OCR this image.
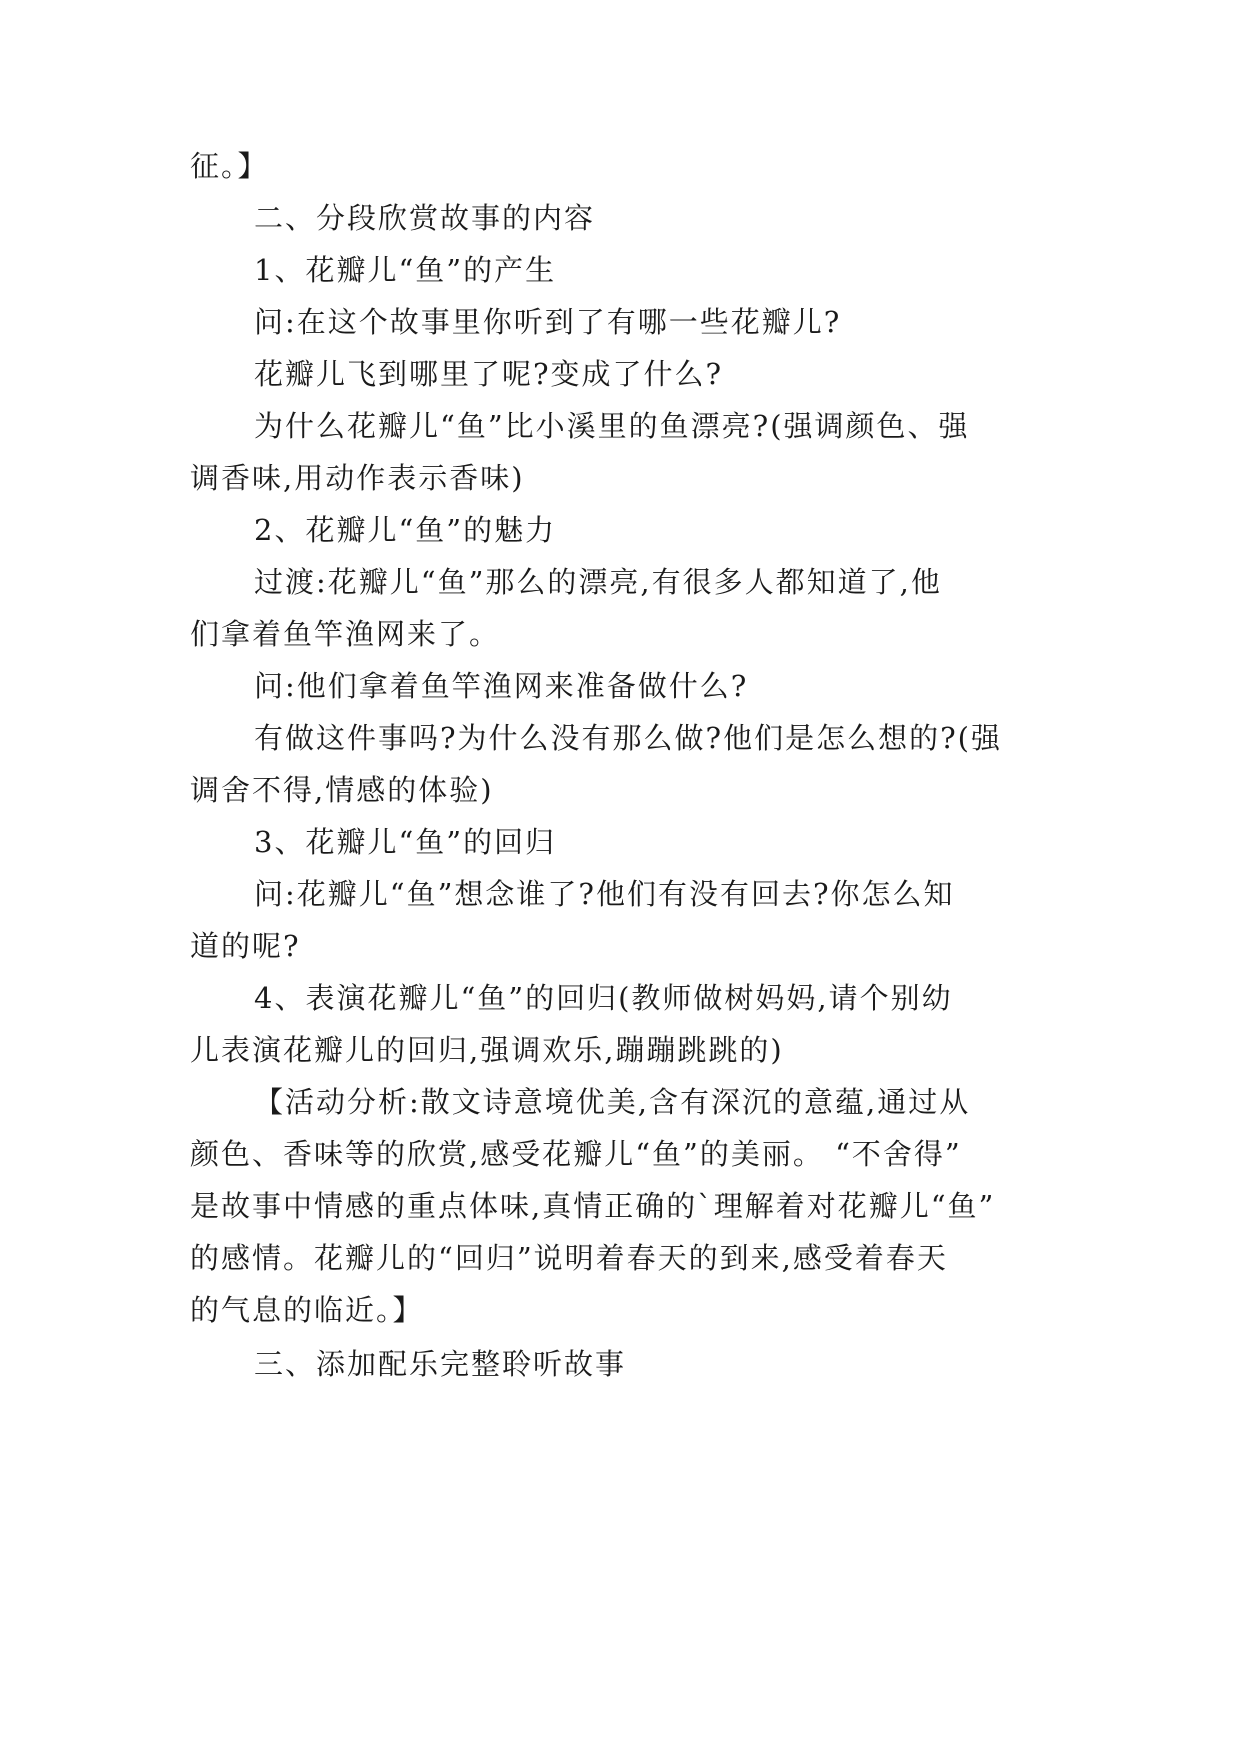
征。】
二、分段欣赏故事的内容
1、花瓣儿“鱼”的产生
问:在这个故事里你听到了有哪一些花瓣儿?
花瓣儿飞到哪里了呢?变成了什么?
为什么花瓣儿“鱼”比小溪里的鱼漂亮?(强调颜色、强
调香味,用动作表示香味)
2、花瓣儿“鱼”的魅力
过渡:花瓣儿“鱼”那么的漂亮,有很多人都知道了,他
们拿着鱼竿渔网来了。
问:他们拿着鱼竿渔网来准备做什么?
有做这件事吗?为什么没有那么做?他们是怎么想的?(强
调舍不得,情感的体验)
3、花瓣儿“鱼”的回归
问:花瓣儿“鱼”想念谁了?他们有没有回去?你怎么知
道的呢?
4、表演花瓣儿“鱼”的回归(教师做树妈妈,请个别幼
儿表演花瓣儿的回归,强调欢乐,蹦蹦跳跳的)
【活动分析:散文诗意境优美,含有深沉的意蕴,通过从
颜色、香味等的欣赏,感受花瓣儿“鱼”的美丽。 “不舍得”
是故事中情感的重点体味,真情正确的`理解着对花瓣儿“鱼”
的感情。花瓣儿的“回归”说明着春天的到来,感受着春天
的气息的临近。】
三、添加配乐完整聆听故事
